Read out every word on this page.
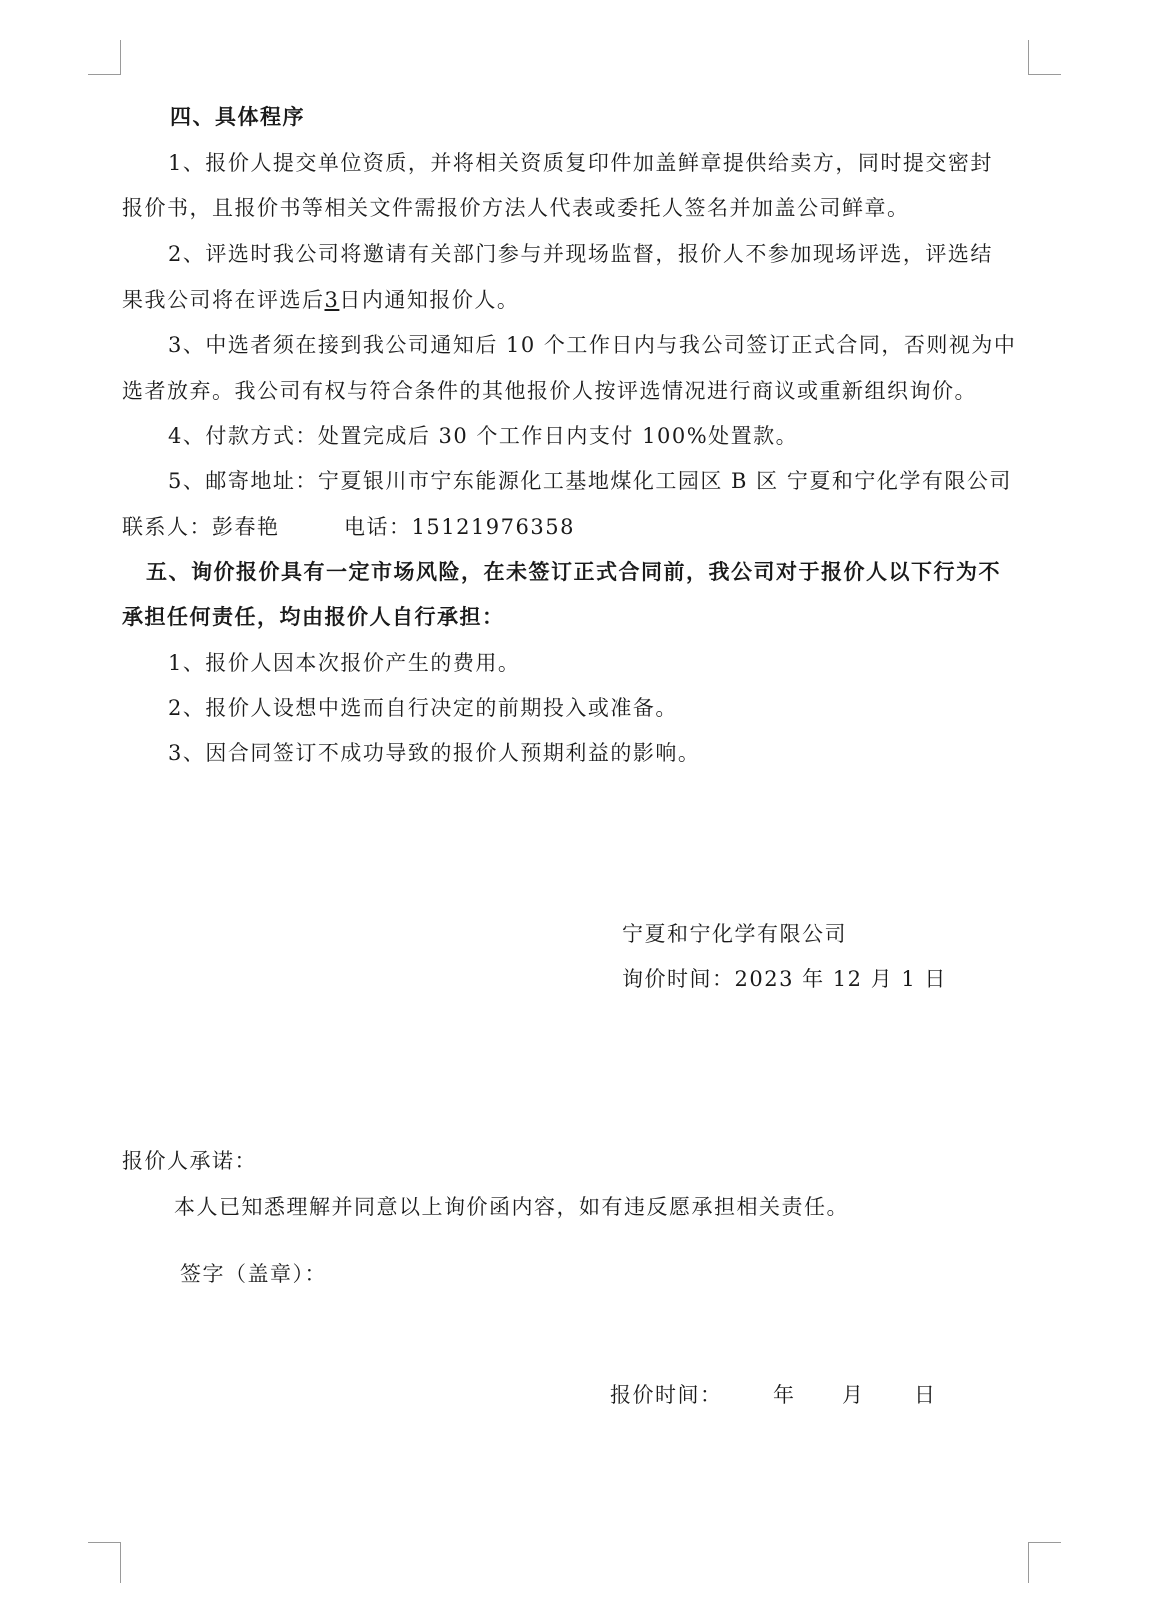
四、具体程序
1、报价人提交单位资质，并将相关资质复印件加盖鲜章提供给卖方，同时提交密封
报价书，且报价书等相关文件需报价方法人代表或委托人签名并加盖公司鲜章。
2、评选时我公司将邀请有关部门参与并现场监督，报价人不参加现场评选，评选结
果我公司将在评选后3日内通知报价人。
3、中选者须在接到我公司通知后 10 个工作日内与我公司签订正式合同，否则视为中
选者放弃。我公司有权与符合条件的其他报价人按评选情况进行商议或重新组织询价。
4、付款方式：处置完成后 30 个工作日内支付 100%处置款。
5、邮寄地址：宁夏银川市宁东能源化工基地煤化工园区 B 区 宁夏和宁化学有限公司
联系人：彭春艳	电话：15121976358
五、询价报价具有一定市场风险，在未签订正式合同前，我公司对于报价人以下行为不
承担任何责任，均由报价人自行承担：
1、报价人因本次报价产生的费用。
2、报价人设想中选而自行决定的前期投入或准备。
3、因合同签订不成功导致的报价人预期利益的影响。
宁夏和宁化学有限公司
询价时间：2023 年 12 月 1 日
报价人承诺：
本人已知悉理解并同意以上询价函内容，如有违反愿承担相关责任。
签字（盖章）：
报价时间： 年 月 日
